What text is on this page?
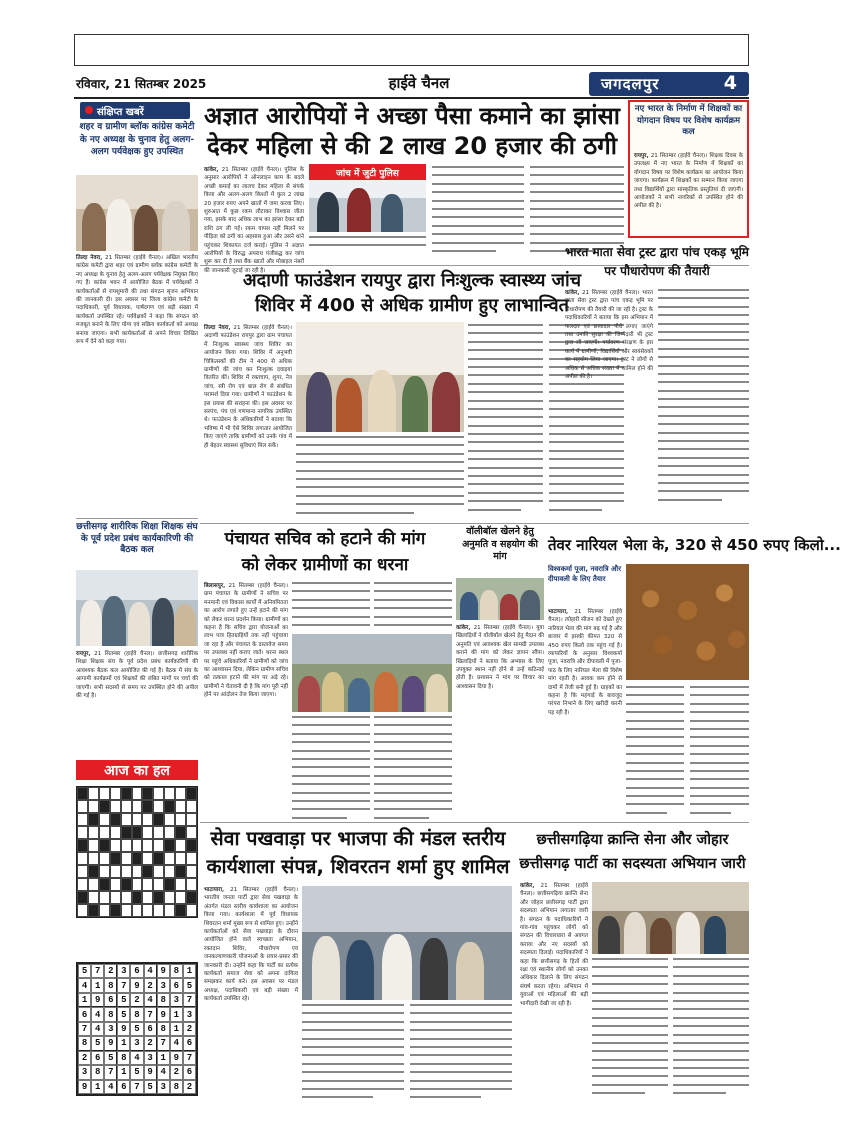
रविवार, 21 सितम्बर 2025	हाईवे चैनल	जगदलपुर	4
संक्षिप्त खबरें
शहर व ग्रामीण ब्लॉक कांग्रेस कमेटी के नए अध्यक्ष के चुनाव हेतु अलग-अलग पर्यवेक्षक हुए उपस्थित
तिल्दा नेवरा, 21 सितम्बर (हाईवे चैनल)। अखिल भारतीय कांग्रेस कमेटी द्वारा शहर एवं ग्रामीण ब्लॉक कांग्रेस कमेटी के नए अध्यक्ष के चुनाव हेतु अलग-अलग पर्यवेक्षक नियुक्त किए गए हैं। कांग्रेस भवन में आयोजित बैठक में पर्यवेक्षकों ने कार्यकर्ताओं से रायशुमारी की तथा संगठन सृजन अभियान की जानकारी दी। इस अवसर पर जिला कांग्रेस कमेटी के पदाधिकारी, पूर्व विधायक, पार्षदगण एवं बड़ी संख्या में कार्यकर्ता उपस्थित रहे। पर्यवेक्षकों ने कहा कि संगठन को मजबूत बनाने के लिए योग्य एवं सक्रिय कार्यकर्ता को अध्यक्ष बनाया जाएगा। सभी कार्यकर्ताओं से अपने विचार लिखित रूप में देने को कहा गया।
छत्तीसगढ़ शारीरिक शिक्षा शिक्षक संघ के पूर्व प्रदेश प्रबंध कार्यकारिणी की बैठक कल
रायपुर, 21 सितम्बर (हाईवे चैनल)। छत्तीसगढ़ शारीरिक शिक्षा शिक्षक संघ के पूर्व प्रदेश प्रबंध कार्यकारिणी की आवश्यक बैठक कल आयोजित की गई है। बैठक में संघ के आगामी कार्यक्रमों एवं शिक्षकों की लंबित मांगों पर चर्चा की जाएगी। सभी सदस्यों से समय पर उपस्थित होने की अपील की गई है।
आज का हल
5 7 2 3 6 4 9 8 1
4 1 8 7 9 2 3 6 5
1 9 6 5 2 4 8 3 7
6 4 8 5 8 7 9 1 3
7 4 3 9 5 6 8 1 2
8 5 9 1 3 2 7 4 6
2 6 5 8 4 3 1 9 7
3 8 7 1 5 9 4 2 6
9 1 4 6 7 5 3 8 2
अज्ञात आरोपियों ने अच्छा पैसा कमाने का झांसा
देकर महिला से की 2 लाख 20 हजार की ठगी
जांच में जुटी पुलिस
कांकेर, 21 सितम्बर (हाईवे चैनल)। पुलिस के अनुसार आरोपियों ने ऑनलाइन काम के बदले अच्छी कमाई का लालच देकर महिला से संपर्क किया और अलग-अलग किश्तों में कुल 2 लाख 20 हजार रुपए अपने खातों में जमा करवा लिए। शुरुआत में कुछ रकम लौटाकर विश्वास जीता गया, इसके बाद अधिक लाभ का झांसा देकर बड़ी राशि ठग ली गई। रकम वापस नहीं मिलने पर पीड़िता को ठगी का अहसास हुआ और उसने थाने पहुंचकर शिकायत दर्ज कराई। पुलिस ने अज्ञात आरोपियों के विरुद्ध अपराध पंजीबद्ध कर जांच शुरू कर दी है तथा बैंक खातों और मोबाइल नंबरों की जानकारी जुटाई जा रही है।
नए भारत के निर्माण में शिक्षकों का योगदान विषय पर विशेष कार्यक्रम कल
रायपुर, 21 सितम्बर (हाईवे चैनल)। शिक्षक दिवस के उपलक्ष्य में नए भारत के निर्माण में शिक्षकों का योगदान विषय पर विशेष कार्यक्रम का आयोजन किया जाएगा। कार्यक्रम में शिक्षकों का सम्मान किया जाएगा तथा विद्यार्थियों द्वारा सांस्कृतिक प्रस्तुतियां दी जाएंगी। आयोजकों ने सभी नागरिकों से उपस्थित होने की अपील की है।
अदाणी फाउंडेशन रायपुर द्वारा निःशुल्क स्वास्थ्य जांच
शिविर में 400 से अधिक ग्रामीण हुए लाभान्वित
तिल्दा नेवरा, 21 सितम्बर (हाईवे चैनल)। अदाणी फाउंडेशन रायपुर द्वारा ग्राम पंचायत में निःशुल्क स्वास्थ्य जांच शिविर का आयोजन किया गया। शिविर में अनुभवी चिकित्सकों की टीम ने 400 से अधिक ग्रामीणों की जांच कर निःशुल्क दवाइयां वितरित कीं। शिविर में रक्तचाप, शुगर, नेत्र जांच, स्त्री रोग एवं बाल रोग से संबंधित परामर्श दिया गया। ग्रामीणों ने फाउंडेशन के इस प्रयास की सराहना की। इस अवसर पर सरपंच, पंच एवं गणमान्य नागरिक उपस्थित थे। फाउंडेशन के अधिकारियों ने बताया कि भविष्य में भी ऐसे शिविर लगातार आयोजित किए जाएंगे ताकि ग्रामीणों को उनके गांव में ही बेहतर स्वास्थ्य सुविधाएं मिल सकें।
भारत माता सेवा ट्रस्ट द्वारा पांच एकड़ भूमि पर पौधारोपण की तैयारी
कांकेर, 21 सितम्बर (हाईवे चैनल)। भारत माता सेवा ट्रस्ट द्वारा पांच एकड़ भूमि पर पौधारोपण की तैयारी की जा रही है। ट्रस्ट के पदाधिकारियों ने बताया कि इस अभियान में फलदार एवं छायादार पौधे लगाए जाएंगे तथा उनकी सुरक्षा की जिम्मेदारी भी ट्रस्ट द्वारा ली जाएगी। पर्यावरण संरक्षण के इस कार्य में ग्रामीणों, विद्यार्थियों और स्वयंसेवकों का सहयोग लिया जाएगा। ट्रस्ट ने लोगों से अधिक से अधिक संख्या में शामिल होने की अपील की है।
पंचायत सचिव को हटाने की मांग
को लेकर ग्रामीणों का धरना
बिलासपुर, 21 सितम्बर (हाईवे चैनल)। ग्राम पंचायत के ग्रामीणों ने सचिव पर मनमानी एवं विकास कार्यों में अनियमितता का आरोप लगाते हुए उन्हें हटाने की मांग को लेकर धरना प्रदर्शन किया। ग्रामीणों का कहना है कि सचिव द्वारा योजनाओं का लाभ पात्र हितग्राहियों तक नहीं पहुंचाया जा रहा है और पंचायत के दस्तावेज समय पर उपलब्ध नहीं कराए जाते। धरना स्थल पर पहुंचे अधिकारियों ने ग्रामीणों को जांच का आश्वासन दिया, लेकिन ग्रामीण सचिव को तत्काल हटाने की मांग पर अड़े रहे। ग्रामीणों ने चेतावनी दी है कि मांग पूरी नहीं होने पर आंदोलन तेज किया जाएगा।
वॉलीबॉल खेलने हेतु अनुमति व सहयोग की मांग
कांकेर, 21 सितम्बर (हाईवे चैनल)। युवा खिलाड़ियों ने वॉलीबॉल खेलने हेतु मैदान की अनुमति एवं आवश्यक खेल सामग्री उपलब्ध कराने की मांग को लेकर ज्ञापन सौंपा। खिलाड़ियों ने बताया कि अभ्यास के लिए उपयुक्त स्थान नहीं होने से उन्हें कठिनाई होती है। प्रशासन ने मांग पर विचार का आश्वासन दिया है।
तेवर नारियल भेला के, 320 से 450 रुपए किलो...
विश्वकर्मा पूजा, नवरात्रि और दीपावली के लिए तैयार
भाटापारा, 21 सितम्बर (हाईवे चैनल)। त्योहारी सीजन को देखते हुए नारियल भेला की मांग बढ़ गई है और बाजार में इसकी कीमत 320 से 450 रुपए किलो तक पहुंच गई है। व्यापारियों के अनुसार विश्वकर्मा पूजा, नवरात्रि और दीपावली में पूजा-पाठ के लिए नारियल भेला की विशेष मांग रहती है। आवक कम होने से दामों में तेजी बनी हुई है। ग्राहकों का कहना है कि महंगाई के बावजूद परंपरा निभाने के लिए खरीदी करनी पड़ रही है।
सेवा पखवाड़ा पर भाजपा की मंडल स्तरीय
कार्यशाला संपन्न, शिवरतन शर्मा हुए शामिल
भाटापारा, 21 सितम्बर (हाईवे चैनल)। भारतीय जनता पार्टी द्वारा सेवा पखवाड़ा के अंतर्गत मंडल स्तरीय कार्यशाला का आयोजन किया गया। कार्यशाला में पूर्व विधायक शिवरतन शर्मा मुख्य रूप से शामिल हुए। उन्होंने कार्यकर्ताओं को सेवा पखवाड़ा के दौरान आयोजित होने वाले स्वच्छता अभियान, रक्तदान शिविर, पौधारोपण एवं जनकल्याणकारी योजनाओं के प्रचार-प्रसार की जानकारी दी। उन्होंने कहा कि पार्टी का प्रत्येक कार्यकर्ता समाज सेवा को अपना दायित्व समझकर कार्य करे। इस अवसर पर मंडल अध्यक्ष, पदाधिकारी एवं बड़ी संख्या में कार्यकर्ता उपस्थित रहे।
छत्तीसगढ़िया क्रान्ति सेना और जोहार
छत्तीसगढ़ पार्टी का सदस्यता अभियान जारी
कांकेर, 21 सितम्बर (हाईवे चैनल)। छत्तीसगढ़िया क्रान्ति सेना और जोहार छत्तीसगढ़ पार्टी द्वारा सदस्यता अभियान लगातार जारी है। संगठन के पदाधिकारियों ने गांव-गांव पहुंचकर लोगों को संगठन की विचारधारा से अवगत कराया और नए सदस्यों को सदस्यता दिलाई। पदाधिकारियों ने कहा कि छत्तीसगढ़ के हितों की रक्षा एवं स्थानीय लोगों को उनका अधिकार दिलाने के लिए संगठन संघर्ष करता रहेगा। अभियान में युवाओं एवं महिलाओं की बड़ी भागीदारी देखी जा रही है।
